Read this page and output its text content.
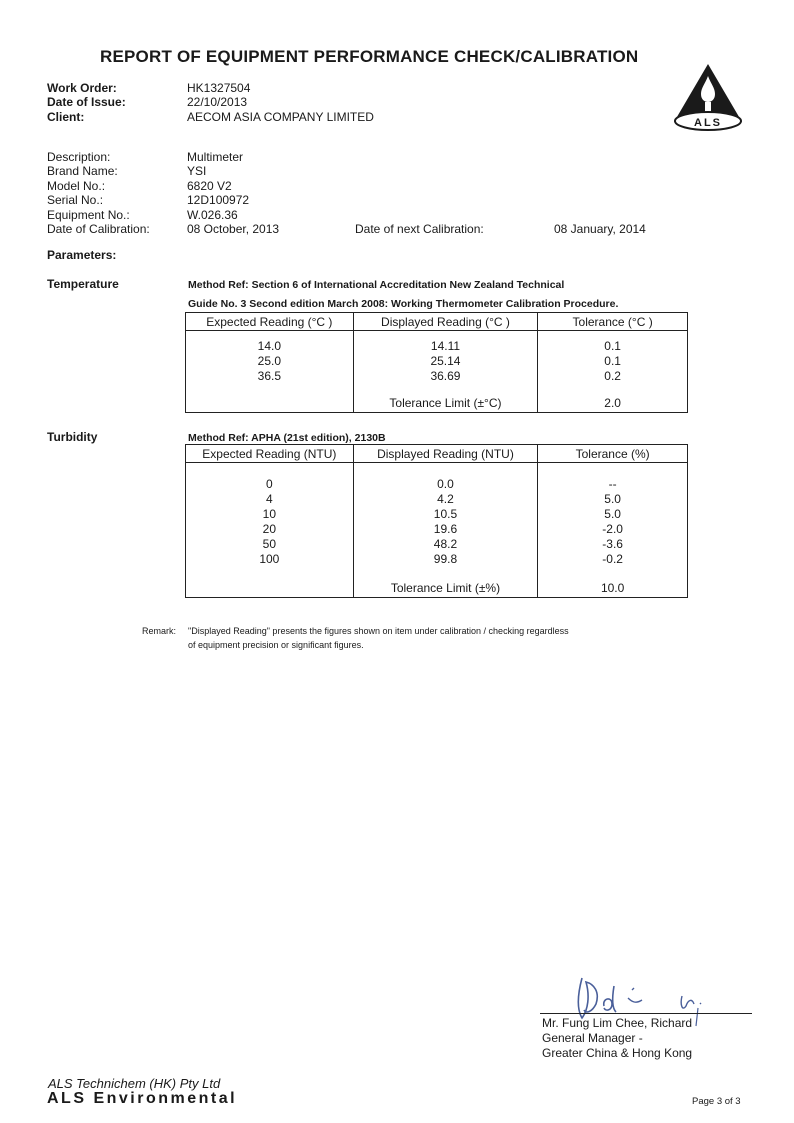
REPORT OF EQUIPMENT PERFORMANCE CHECK/CALIBRATION
ALS
Work Order:	HK1327504
Date of Issue:	22/10/2013
Client:	AECOM ASIA COMPANY LIMITED
Description:	Multimeter
Brand Name:	YSI
Model No.:	6820 V2
Serial No.:	12D100972
Equipment No.:	W.026.36
Date of Calibration:	08 October, 2013	Date of next Calibration:	08 January, 2014
Parameters:
Temperature	Method Ref: Section 6 of International Accreditation New Zealand Technical
Guide No. 3 Second edition March 2008: Working Thermometer Calibration Procedure.
Expected Reading (°C )	Displayed Reading (°C )	Tolerance (°C )

14.0	14.11	0.1
25.0	25.14	0.1
36.5	36.69	0.2

	Tolerance Limit (±°C)	2.0
Turbidity	Method Ref: APHA (21st edition), 2130B
Expected Reading (NTU)	Displayed Reading (NTU)	Tolerance (%)

0	0.0	--
4	4.2	5.0
10	10.5	5.0
20	19.6	-2.0
50	48.2	-3.6
100	99.8	-0.2

	Tolerance Limit (±%)	10.0
Remark: "Displayed Reading" presents the figures shown on item under calibration / checking regardless
of equipment precision or significant figures.
Mr. Fung Lim Chee, Richard
General Manager -
Greater China & Hong Kong
ALS Technichem (HK) Pty Ltd
ALS Environmental	Page 3 of 3
